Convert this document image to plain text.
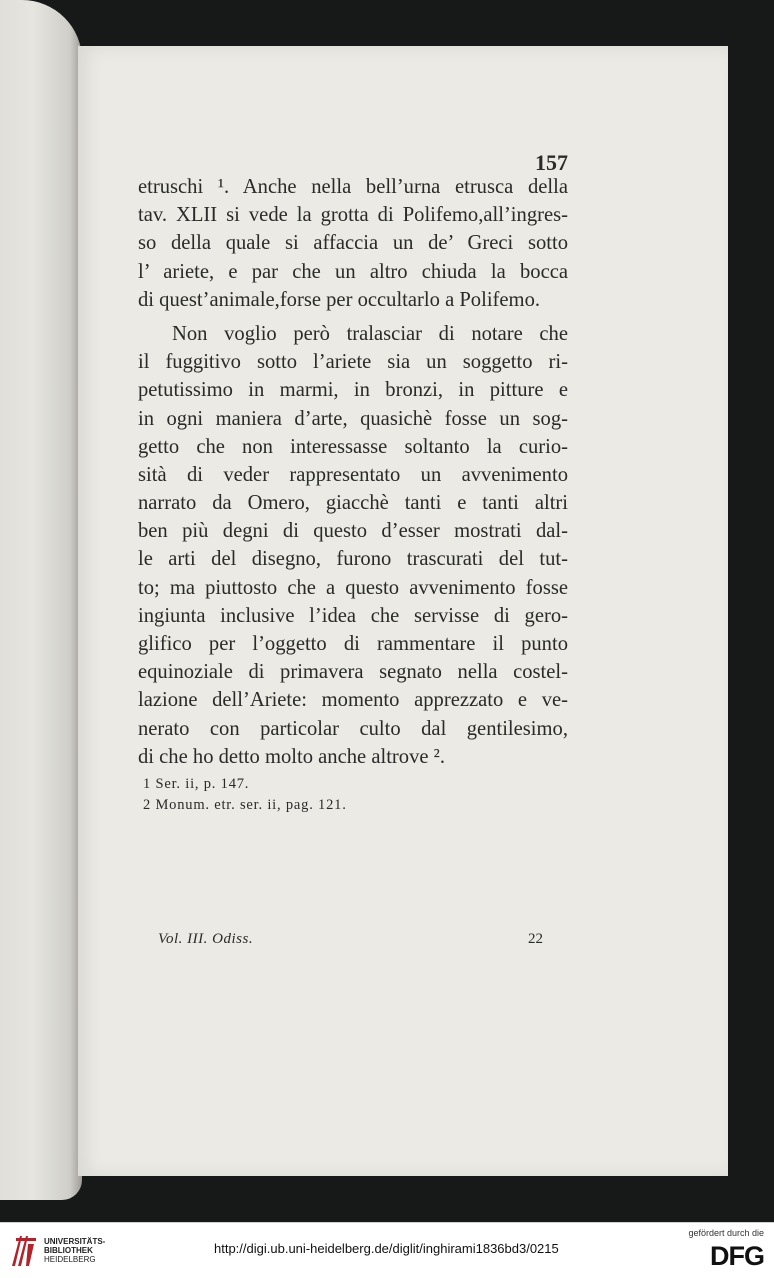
157
etruschi ¹. Anche nella bell’urna etrusca della
tav. XLII si vede la grotta di Polifemo,all’ingres-
so della quale si affaccia un de’ Greci sotto
l’ ariete, e par che un altro chiuda la bocca
di quest’animale,forse per occultarlo a Polifemo.
Non voglio però tralasciar di notare che
il fuggitivo sotto l’ariete sia un soggetto ri-
petutissimo in marmi, in bronzi, in pitture e
in ogni maniera d’arte, quasichè fosse un sog-
getto che non interessasse soltanto la curio-
sità di veder rappresentato un avvenimento
narrato da Omero, giacchè tanti e tanti altri
ben più degni di questo d’esser mostrati dal-
le arti del disegno, furono trascurati del tut-
to; ma piuttosto che a questo avvenimento fosse
ingiunta inclusive l’idea che servisse di gero-
glifico per l’oggetto di rammentare il punto
equinoziale di primavera segnato nella costel-
lazione dell’Ariete: momento apprezzato e ve-
nerato con particolar culto dal gentilesimo,
di che ho detto molto anche altrove ².
1 Ser. ii, p. 147.
2 Monum. etr. ser. ii, pag. 121.
Vol. III. Odiss.	22
UNIVERSITÄTS-
BIBLIOTHEK
HEIDELBERG
http://digi.ub.uni-heidelberg.de/diglit/inghirami1836bd3/0215
gefördert durch die
DFG
